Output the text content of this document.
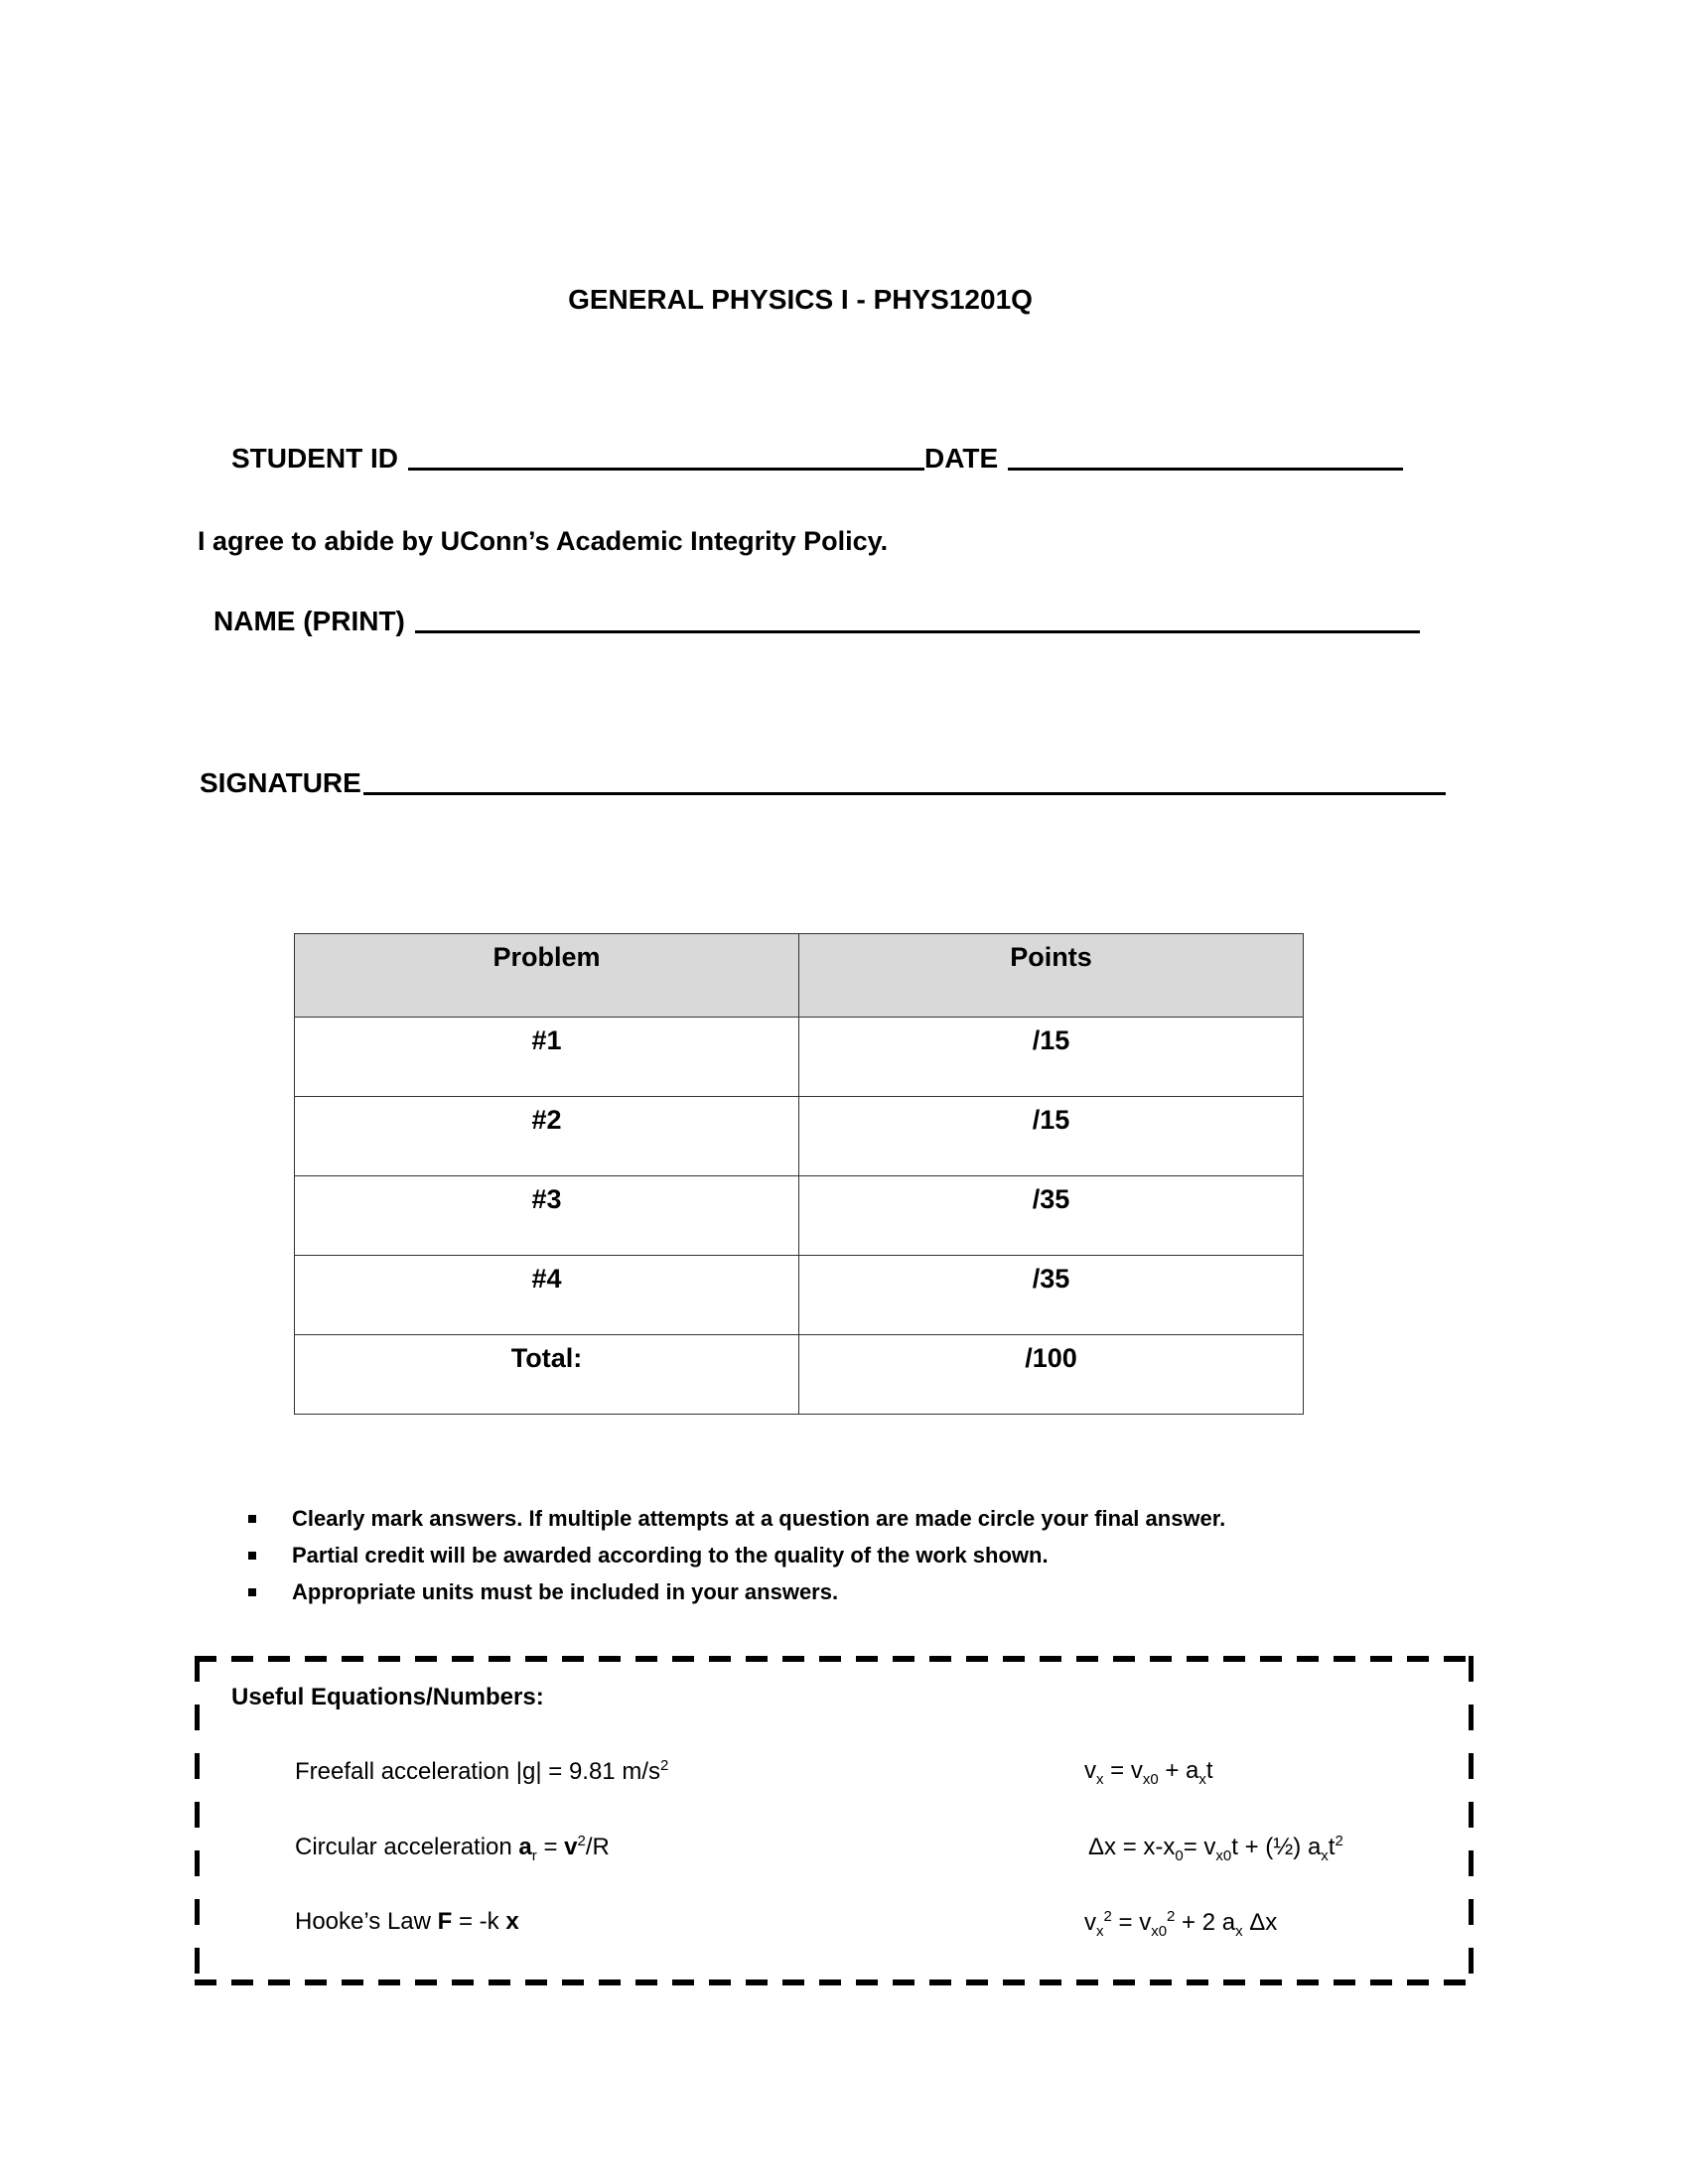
GENERAL PHYSICS I - PHYS1201Q
STUDENT ID	DATE
I agree to abide by UConn’s Academic Integrity Policy.
NAME (PRINT)
SIGNATURE
Problem	Points
#1	/15
#2	/15
#3	/35
#4	/35
Total:	/100
Clearly mark answers. If multiple attempts at a question are made circle your final answer.
Partial credit will be awarded according to the quality of the work shown.
Appropriate units must be included in your answers.
Useful Equations/Numbers:
Freefall acceleration |g| = 9.81 $m/s^2$
Circular acceleration $a_r = v^2/R$
Hooke’s Law F = -k x
$v_x = v_{x0} + a_xt$
$\Delta x = x-x_0= v_{x0}t$ + (½) $a_xt^2$
$v_x^2 = v_{x0}^2 + 2$ $a_x$ Δx
